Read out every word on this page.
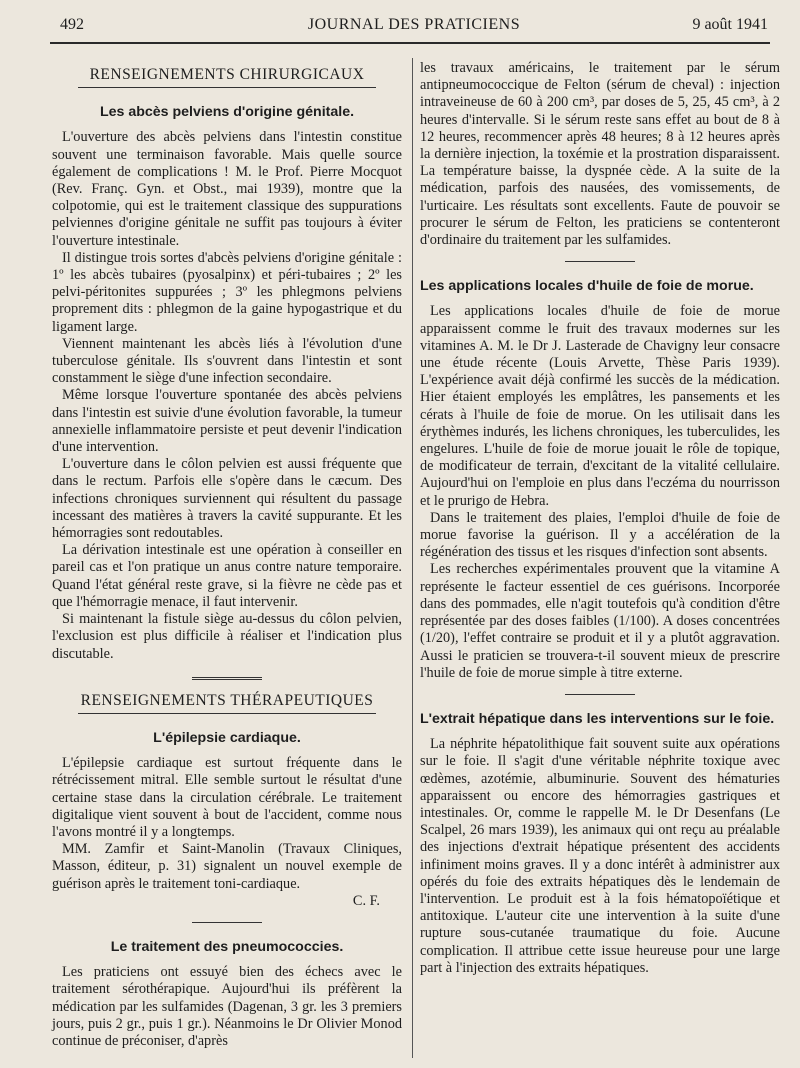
492	JOURNAL DES PRATICIENS	9 août 1941
RENSEIGNEMENTS CHIRURGICAUX
Les abcès pelviens d'origine génitale.

L'ouverture des abcès pelviens dans l'intestin constitue souvent une terminaison favorable. Mais quelle source également de complications ! M. le Prof. Pierre Mocquot (Rev. Franç. Gyn. et Obst., mai 1939), montre que la colpotomie, qui est le traitement classique des suppurations pelviennes d'origine génitale ne suffit pas toujours à éviter l'ouverture intestinale.

Il distingue trois sortes d'abcès pelviens d'origine génitale : 1º les abcès tubaires (pyosalpinx) et péri-tubaires ; 2º les pelvi-péritonites suppurées ; 3º les phlegmons pelviens proprement dits : phlegmon de la gaine hypogastrique et du ligament large.

Viennent maintenant les abcès liés à l'évolution d'une tuberculose génitale. Ils s'ouvrent dans l'intestin et sont constamment le siège d'une infection secondaire.

Même lorsque l'ouverture spontanée des abcès pelviens dans l'intestin est suivie d'une évolution favorable, la tumeur annexielle inflammatoire persiste et peut devenir l'indication d'une intervention.

L'ouverture dans le côlon pelvien est aussi fréquente que dans le rectum. Parfois elle s'opère dans le cæcum. Des infections chroniques surviennent qui résultent du passage incessant des matières à travers la cavité suppurante. Et les hémorragies sont redoutables.

La dérivation intestinale est une opération à conseiller en pareil cas et l'on pratique un anus contre nature temporaire. Quand l'état général reste grave, si la fièvre ne cède pas et que l'hémorragie menace, il faut intervenir.

Si maintenant la fistule siège au-dessus du côlon pelvien, l'exclusion est plus difficile à réaliser et l'indication plus discutable.

RENSEIGNEMENTS THÉRAPEUTIQUES
L'épilepsie cardiaque.

L'épilepsie cardiaque est surtout fréquente dans le rétrécissement mitral. Elle semble surtout le résultat d'une certaine stase dans la circulation cérébrale. Le traitement digitalique vient souvent à bout de l'accident, comme nous l'avons montré il y a longtemps.

MM. Zamfir et Saint-Manolin (Travaux Cliniques, Masson, éditeur, p. 31) signalent un nouvel exemple de guérison après le traitement toni-cardiaque.

C. F.

Le traitement des pneumococcies.

Les praticiens ont essuyé bien des échecs avec le traitement sérothérapique. Aujourd'hui ils préfèrent la médication par les sulfamides (Dagenan, 3 gr. les 3 premiers jours, puis 2 gr., puis 1 gr.). Néanmoins le Dr Olivier Monod continue de préconiser, d'après

les travaux américains, le traitement par le sérum antipneumococcique de Felton (sérum de cheval) : injection intraveineuse de 60 à 200 cm³, par doses de 5, 25, 45 cm³, à 2 heures d'intervalle. Si le sérum reste sans effet au bout de 8 à 12 heures, recommencer après 48 heures; 8 à 12 heures après la dernière injection, la toxémie et la prostration disparaissent. La température baisse, la dyspnée cède. A la suite de la médication, parfois des nausées, des vomissements, de l'urticaire. Les résultats sont excellents. Faute de pouvoir se procurer le sérum de Felton, les praticiens se contenteront d'ordinaire du traitement par les sulfamides.

Les applications locales d'huile de foie de morue.

Les applications locales d'huile de foie de morue apparaissent comme le fruit des travaux modernes sur les vitamines A. M. le Dr J. Lasterade de Chavigny leur consacre une étude récente (Louis Arvette, Thèse Paris 1939). L'expérience avait déjà confirmé les succès de la médication. Hier étaient employés les emplâtres, les pansements et les cérats à l'huile de foie de morue. On les utilisait dans les érythèmes indurés, les lichens chroniques, les tuberculides, les engelures. L'huile de foie de morue jouait le rôle de topique, de modificateur de terrain, d'excitant de la vitalité cellulaire. Aujourd'hui on l'emploie en plus dans l'eczéma du nourrisson et le prurigo de Hebra.

Dans le traitement des plaies, l'emploi d'huile de foie de morue favorise la guérison. Il y a accélération de la régénération des tissus et les risques d'infection sont absents.

Les recherches expérimentales prouvent que la vitamine A représente le facteur essentiel de ces guérisons. Incorporée dans des pommades, elle n'agit toutefois qu'à condition d'être représentée par des doses faibles (1/100). A doses concentrées (1/20), l'effet contraire se produit et il y a plutôt aggravation. Aussi le praticien se trouvera-t-il souvent mieux de prescrire l'huile de foie de morue simple à titre externe.

L'extrait hépatique dans les interventions sur le foie.

La néphrite hépatolithique fait souvent suite aux opérations sur le foie. Il s'agit d'une véritable néphrite toxique avec œdèmes, azotémie, albuminurie. Souvent des hématuries apparaissent ou encore des hémorragies gastriques et intestinales. Or, comme le rappelle M. le Dr Desenfans (Le Scalpel, 26 mars 1939), les animaux qui ont reçu au préalable des injections d'extrait hépatique présentent des accidents infiniment moins graves. Il y a donc intérêt à administrer aux opérés du foie des extraits hépatiques dès le lendemain de l'intervention. Le produit est à la fois hématopoïétique et antitoxique. L'auteur cite une intervention à la suite d'une rupture sous-cutanée traumatique du foie. Aucune complication. Il attribue cette issue heureuse pour une large part à l'injection des extraits hépatiques.
